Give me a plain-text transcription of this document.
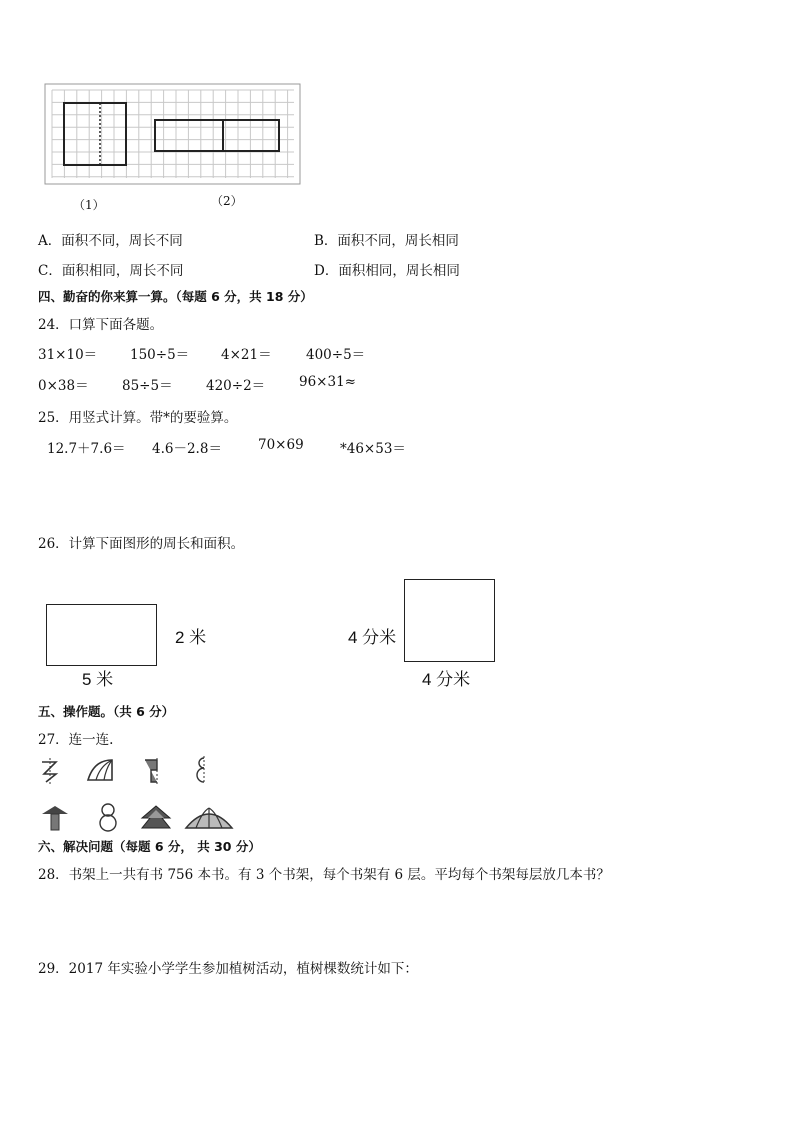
（1）	（2）
A．面积不同，周长不同	B．面积不同，周长相同
C．面积相同，周长不同	D．面积相同，周长相同
四、勤奋的你来算一算。（每题 6 分，共 18 分）
24．口算下面各题。
31×10＝ 150÷5＝ 4×21＝	400÷5＝
0×38＝ 85÷5＝ 420÷2＝	96×31≈
25．用竖式计算。带*的要验算。
12.7＋7.6＝ 4.6－2.8＝	70×69	*46×53＝
26．计算下面图形的周长和面积。
2 米
5 米
4 分米
4 分米
五、操作题。（共 6 分）
27．连一连.
六、解决问题（每题 6 分， 共 30 分）
28．书架上一共有书 756 本书。有 3 个书架，每个书架有 6 层。平均每个书架每层放几本书？
29．2017 年实验小学学生参加植树活动，植树棵数统计如下：
